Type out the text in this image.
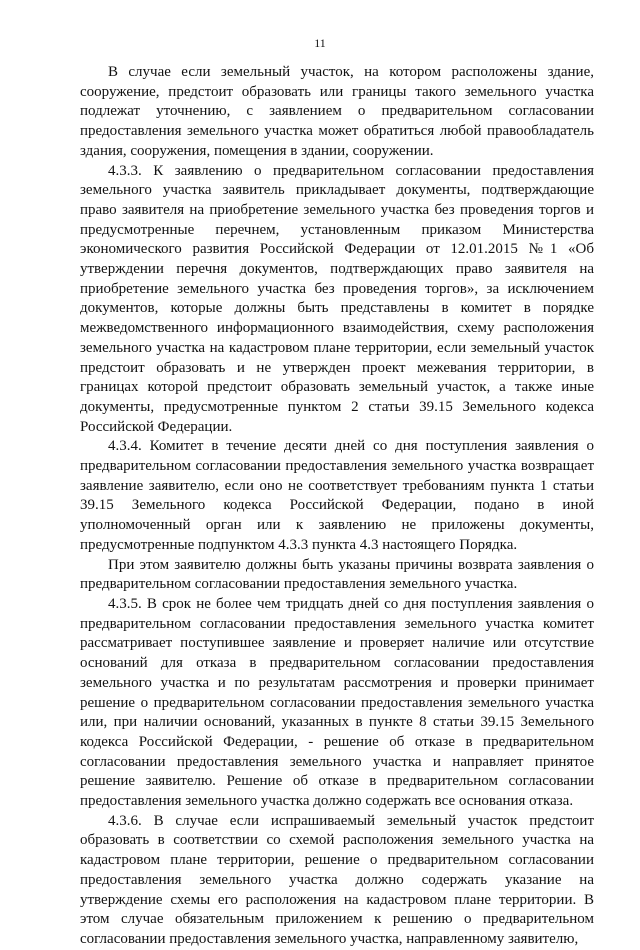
11

В случае если земельный участок, на котором расположены здание, сооружение, предстоит образовать или границы такого земельного участка подлежат уточнению, с заявлением о предварительном согласовании предоставления земельного участка может обратиться любой правообладатель здания, сооружения, помещения в здании, сооружении.

4.3.3. К заявлению о предварительном согласовании предоставления земельного участка заявитель прикладывает документы, подтверждающие право заявителя на приобретение земельного участка без проведения торгов и предусмотренные перечнем, установленным приказом Министерства экономического развития Российской Федерации от 12.01.2015 №1 «Об утверждении перечня документов, подтверждающих право заявителя на приобретение земельного участка без проведения торгов», за исключением документов, которые должны быть представлены в комитет в порядке межведомственного информационного взаимодействия, схему расположения земельного участка на кадастровом плане территории, если земельный участок предстоит образовать и не утвержден проект межевания территории, в границах которой предстоит образовать земельный участок, а также иные документы, предусмотренные пунктом 2 статьи 39.15 Земельного кодекса Российской Федерации.

4.3.4. Комитет в течение десяти дней со дня поступления заявления о предварительном согласовании предоставления земельного участка возвращает заявление заявителю, если оно не соответствует требованиям пункта 1 статьи 39.15 Земельного кодекса Российской Федерации, подано в иной уполномоченный орган или к заявлению не приложены документы, предусмотренные подпунктом 4.3.3 пункта 4.3 настоящего Порядка.

При этом заявителю должны быть указаны причины возврата заявления о предварительном согласовании предоставления земельного участка.

4.3.5. В срок не более чем тридцать дней со дня поступления заявления о предварительном согласовании предоставления земельного участка комитет рассматривает поступившее заявление и проверяет наличие или отсутствие оснований для отказа в предварительном согласовании предоставления земельного участка и по результатам рассмотрения и проверки принимает решение о предварительном согласовании предоставления земельного участка или, при наличии оснований, указанных в пункте 8 статьи 39.15 Земельного кодекса Российской Федерации, - решение об отказе в предварительном согласовании предоставления земельного участка и направляет принятое решение заявителю. Решение об отказе в предварительном согласовании предоставления земельного участка должно содержать все основания отказа.

4.3.6. В случае если испрашиваемый земельный участок предстоит образовать в соответствии со схемой расположения земельного участка на кадастровом плане территории, решение о предварительном согласовании предоставления земельного участка должно содержать указание на утверждение схемы его расположения на кадастровом плане территории. В этом случае обязательным приложением к решению о предварительном согласовании предоставления земельного участка, направленному заявителю,
